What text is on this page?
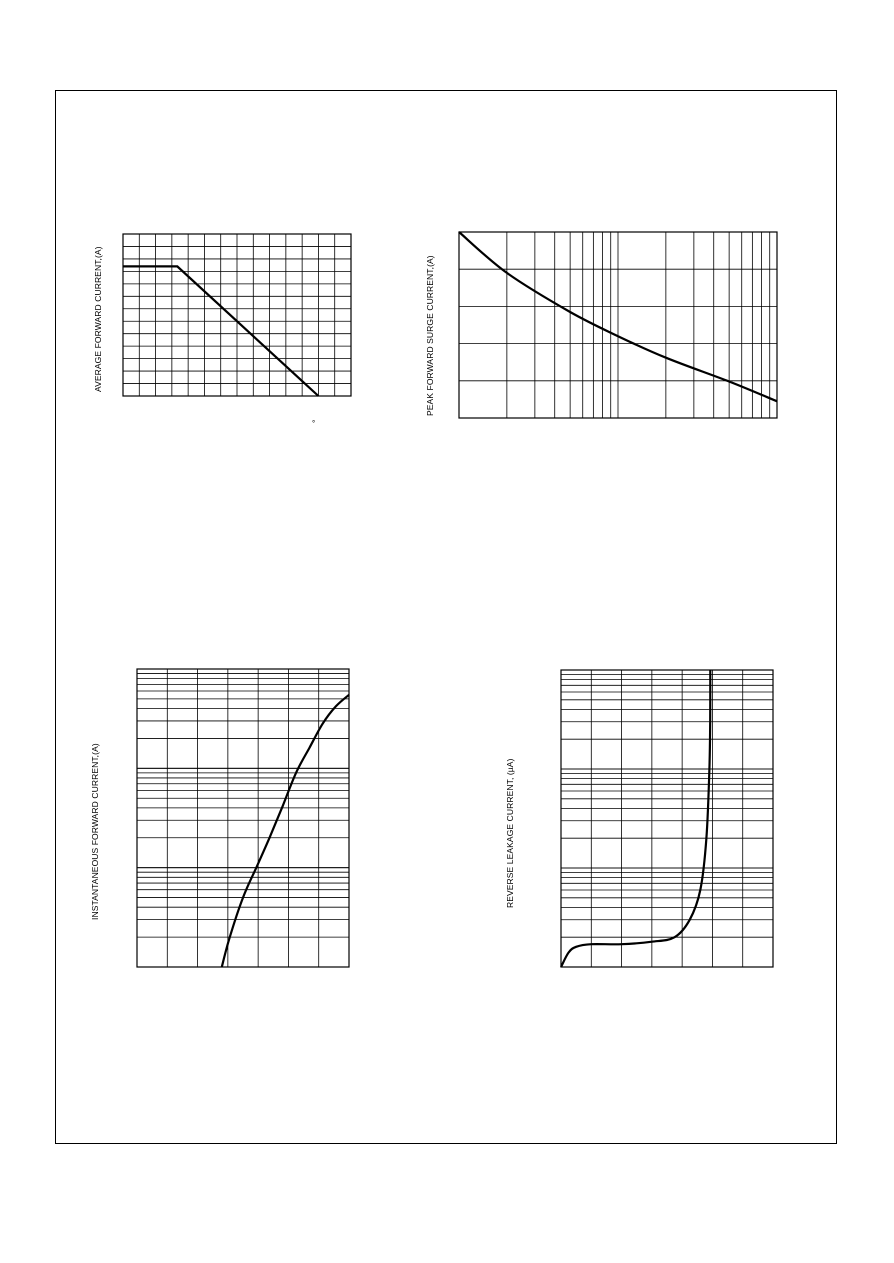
AVERAGE FORWARD CURRENT,(A)
°
PEAK FORWARD SURGE CURRENT,(A)
INSTANTANEOUS FORWARD CURRENT,(A)	REVERSE LEAKAGE CURRENT, (µA)
